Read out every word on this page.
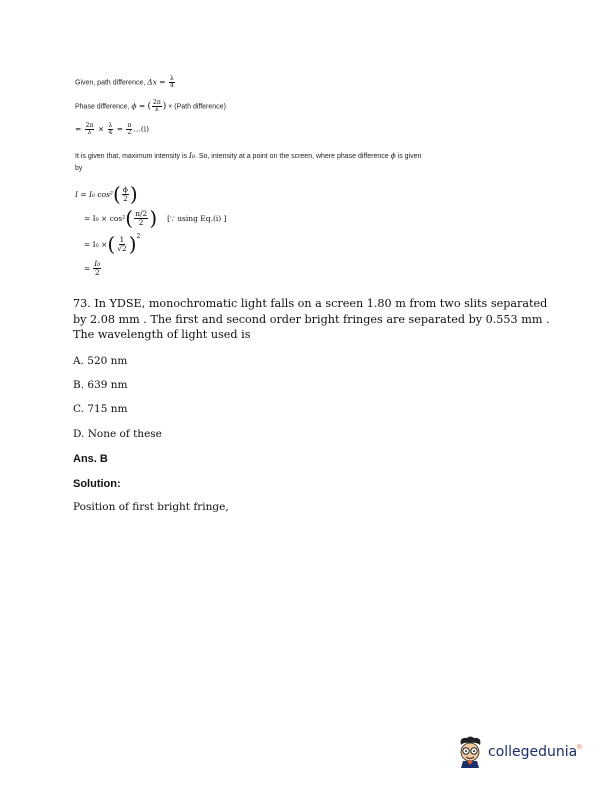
Given, path difference, $\Delta x = \frac{\lambda}{4}$
Phase difference, ϕ = ( $\frac{2\pi}{\lambda}$ ) × (Path difference)
= $\frac{2\pi}{\lambda} \times \frac{\lambda}{4} = \frac{\pi}{2}$ …(i)
It is given that, maximum intensity is I₀. So, intensity at a point on the screen, where phase difference ϕ is given
by
I = I₀ cos² ( $\frac{\phi}{2}$ )
= I₀ × cos² ( $\frac{\pi/2}{2}$ ) [∵ using Eq.(i) ]
= I₀ × ( $\frac{1}{√2} )^2$
= $\frac{\text{I₀}}{2}$
73. In YDSE, monochromatic light falls on a screen 1.80 m from two slits separated
by 2.08 mm . The first and second order bright fringes are separated by 0.553 mm .
The wavelength of light used is
A. 520 nm
B. 639 nm
C. 715 nm
D. None of these
Ans. B
Solution:
Position of first bright fringe,
collegedunia ®
